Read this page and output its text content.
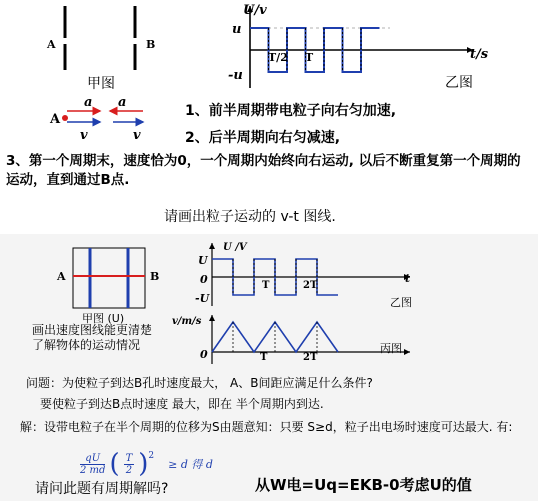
A	B
甲图
U/v
u
-u
T/2 T	t/s
乙图
A
a a
v	v
1、前半周期带电粒子向右匀加速,
2、后半周期向右匀减速,
3、第一个周期末，速度恰为0，一个周期内始终向右运动, 以后不断重复第一个周期的运动，直到通过B点.
请画出粒子运动的 v-t 图线.
A	B
甲图 (U)
画出速度图线能更清楚了解物体的运动情况
U /V
U
0
-U
T	2T
t
乙图
v/m/s
0	T	2T
丙图
问题：为使粒子到达B孔时速度最大， A、B间距应满足什么条件?
要使粒子到达B点时速度 最大，即在 半个周期内到达.
解：设带电粒子在半个周期的位移为S由题意知：只要 S≥d，粒子出电场时速度可达最大. 有:
$\frac{qU}{2 md}$ ( $\frac{T}{2} )^2$
≥ d 得 d
请问此题有周期解吗?	从W电=Uq=EKB-0考虑U的值
